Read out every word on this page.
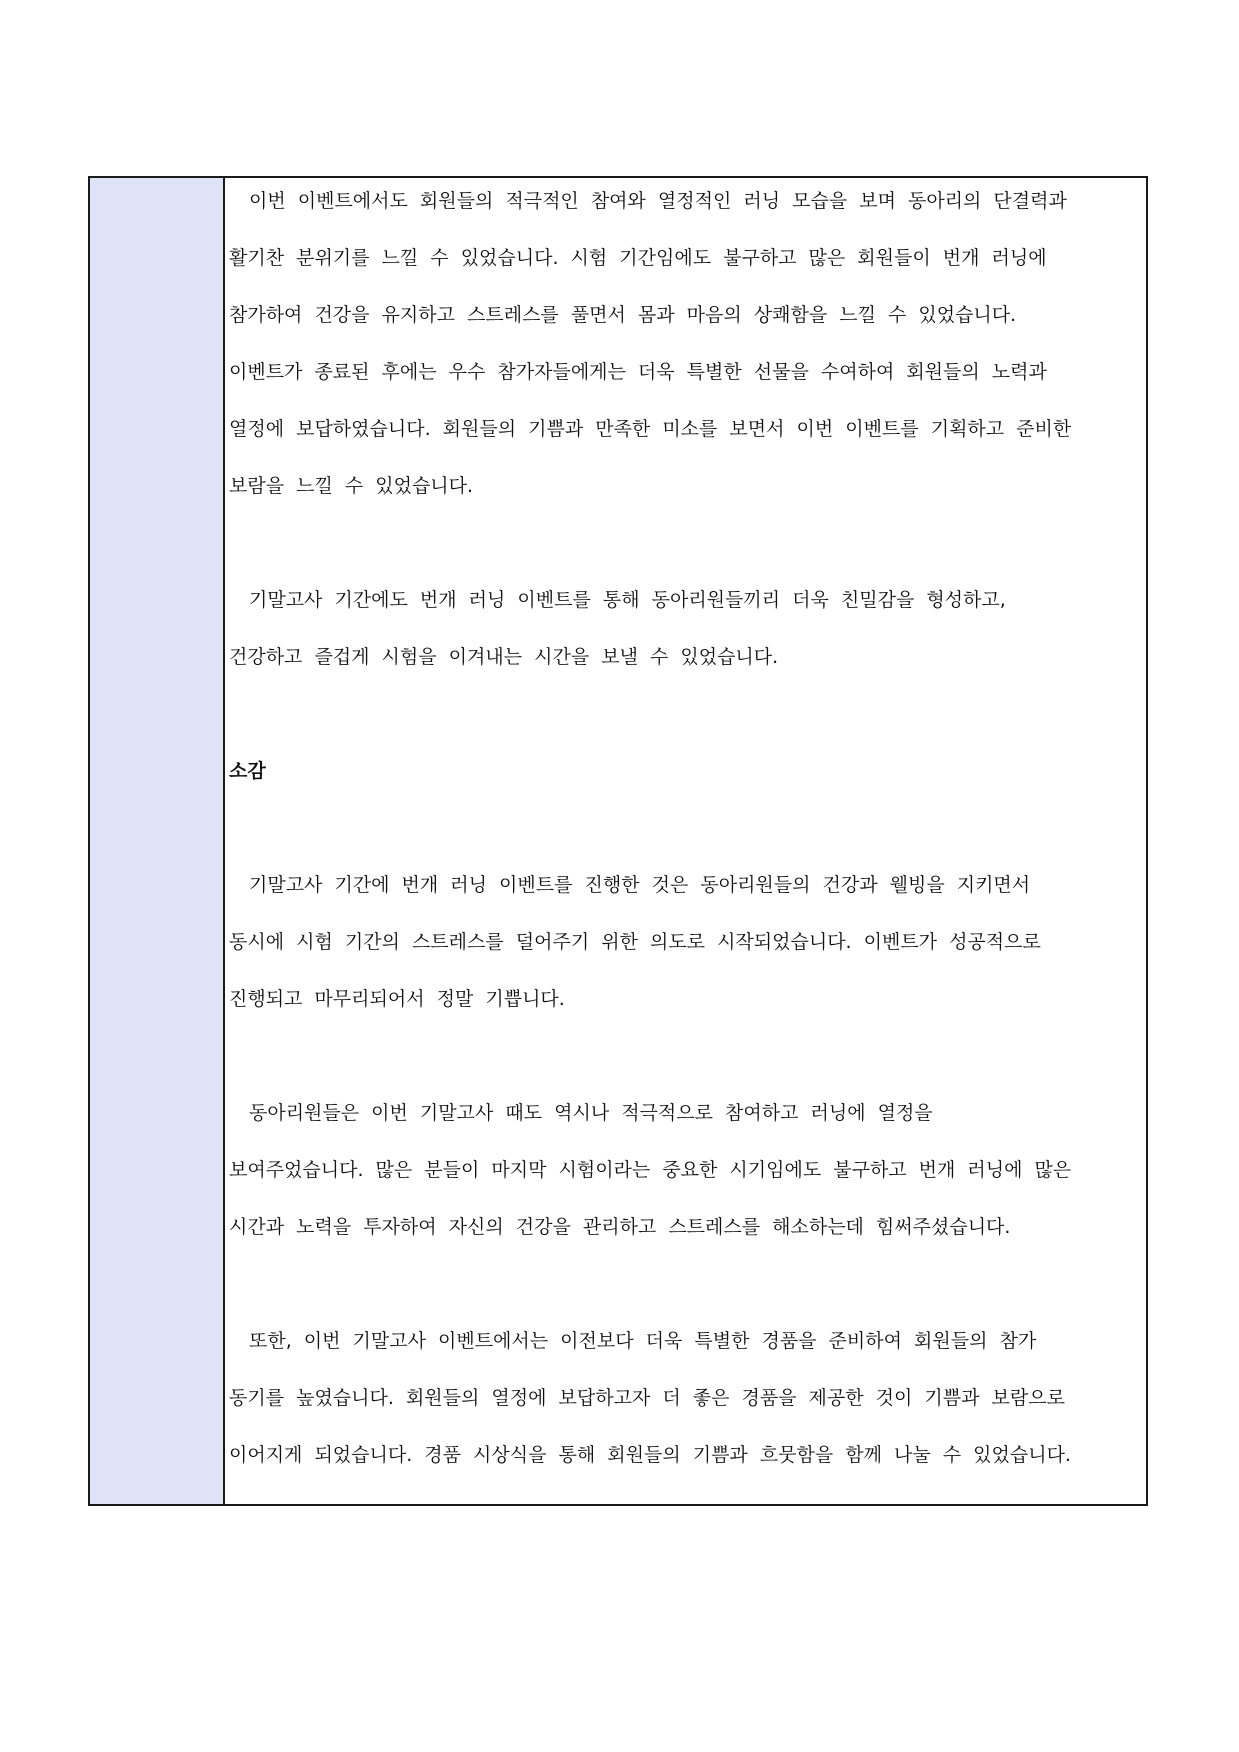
이번 이벤트에서도 회원들의 적극적인 참여와 열정적인 러닝 모습을 보며 동아리의 단결력과
활기찬 분위기를 느낄 수 있었습니다. 시험 기간임에도 불구하고 많은 회원들이 번개 러닝에
참가하여 건강을 유지하고 스트레스를 풀면서 몸과 마음의 상쾌함을 느낄 수 있었습니다.
이벤트가 종료된 후에는 우수 참가자들에게는 더욱 특별한 선물을 수여하여 회원들의 노력과
열정에 보답하였습니다. 회원들의 기쁨과 만족한 미소를 보면서 이번 이벤트를 기획하고 준비한
보람을 느낄 수 있었습니다.
기말고사 기간에도 번개 러닝 이벤트를 통해 동아리원들끼리 더욱 친밀감을 형성하고,
건강하고 즐겁게 시험을 이겨내는 시간을 보낼 수 있었습니다.
소감
기말고사 기간에 번개 러닝 이벤트를 진행한 것은 동아리원들의 건강과 웰빙을 지키면서
동시에 시험 기간의 스트레스를 덜어주기 위한 의도로 시작되었습니다. 이벤트가 성공적으로
진행되고 마무리되어서 정말 기쁩니다.
동아리원들은 이번 기말고사 때도 역시나 적극적으로 참여하고 러닝에 열정을
보여주었습니다. 많은 분들이 마지막 시험이라는 중요한 시기임에도 불구하고 번개 러닝에 많은
시간과 노력을 투자하여 자신의 건강을 관리하고 스트레스를 해소하는데 힘써주셨습니다.
또한, 이번 기말고사 이벤트에서는 이전보다 더욱 특별한 경품을 준비하여 회원들의 참가
동기를 높였습니다. 회원들의 열정에 보답하고자 더 좋은 경품을 제공한 것이 기쁨과 보람으로
이어지게 되었습니다. 경품 시상식을 통해 회원들의 기쁨과 흐뭇함을 함께 나눌 수 있었습니다.
